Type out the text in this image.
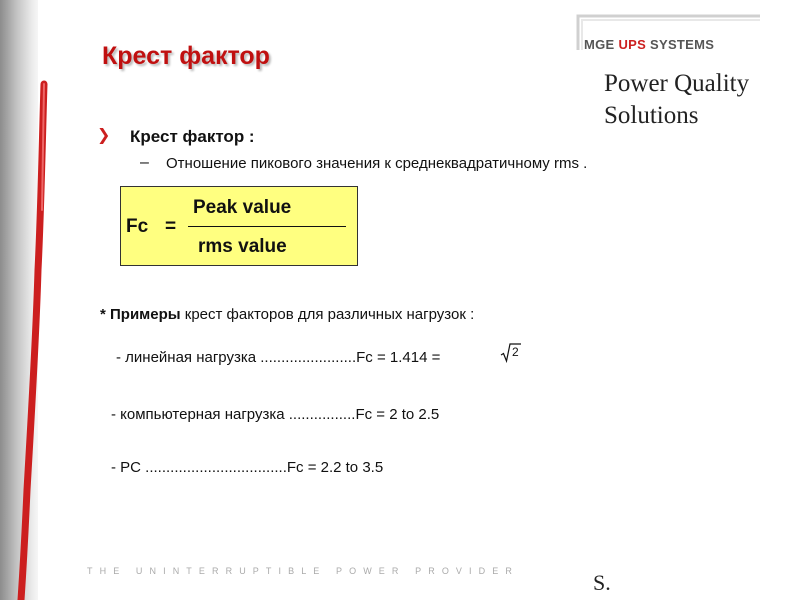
MGE UPS SYSTEMS
Power Quality Solutions
Крест фактор
❯ Крест фактор :
– Отношение пикового значения к среднеквадратичному rms .
Fc =
Peak value
rms value
* Примеры крест факторов для различных нагрузок :
- линейная нагрузка .......................Fc = 1.414 =	2
- компьютерная нагрузка ................Fc = 2 to 2.5
- PC ..................................Fc = 2.2 to 3.5
THE UNINTERRUPTIBLE POWER PROVIDER	S.
